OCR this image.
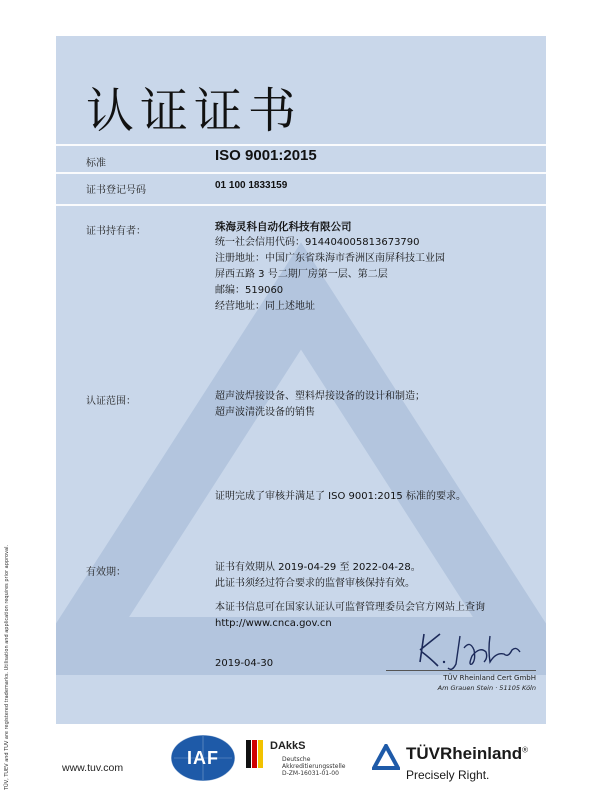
认证证书
标准	ISO 9001:2015
证书登记号码	01 100 1833159
证书持有者：	珠海灵科自动化科技有限公司
统一社会信用代码：914404005813673790
注册地址：中国广东省珠海市香洲区南屏科技工业园
屏西五路 3 号二期厂房第一层、第二层
邮编：519060
经营地址：同上述地址
认证范围：	超声波焊接设备、塑料焊接设备的设计和制造；
超声波清洗设备的销售
证明完成了审核并满足了 ISO 9001:2015 标准的要求。
有效期：	证书有效期从 2019-04-29 至 2022-04-28。
此证书须经过符合要求的监督审核保持有效。
本证书信息可在国家认证认可监督管理委员会官方网站上查询
http://www.cnca.gov.cn
2019-04-30
TÜV Rheinland Cert GmbH
Am Grauen Stein · 51105 Köln
TÜV, TUEV and TUV are registered trademarks. Utilisation and application requires prior approval.	www.tuv.com	IAF
DAkkS
Deutsche
Akkreditierungsstelle
D-ZM-16031-01-00
TÜVRheinland®
Precisely Right.
